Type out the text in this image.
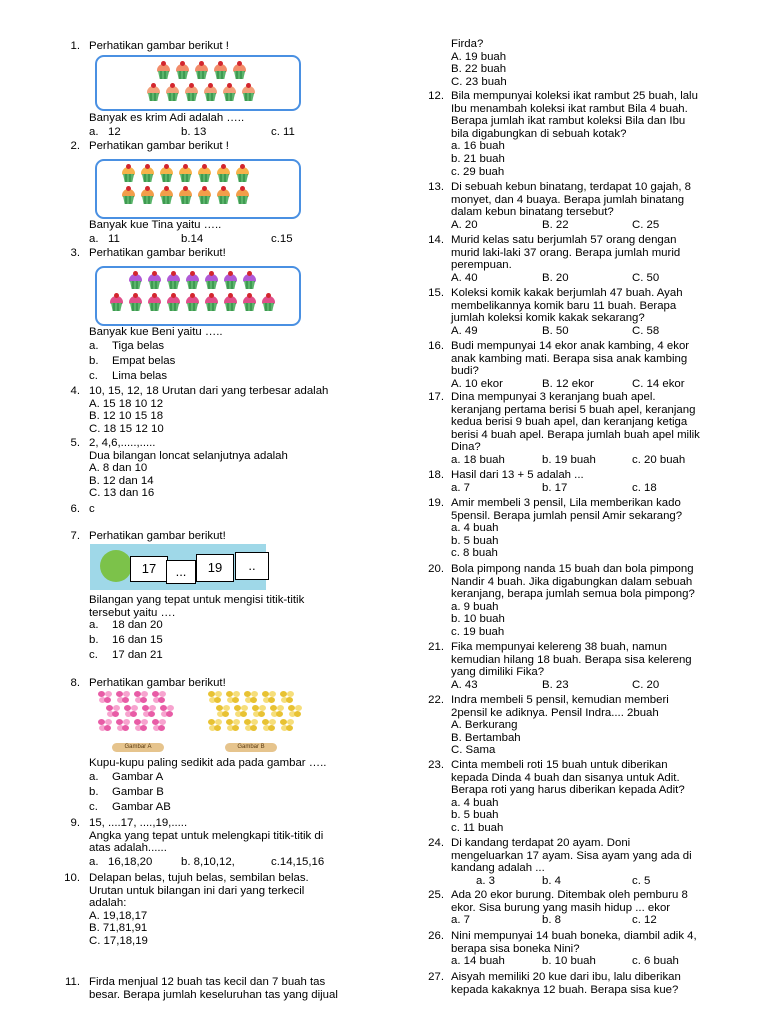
1. Perhatikan gambar berikut !
Banyak es krim Adi adalah …..
a.   12	b. 13	c. 11
2. Perhatikan gambar berikut !
Banyak kue Tina yaitu …..
a.   11	b.14	c.15
3. Perhatikan gambar berikut!
Banyak kue Beni yaitu …..
a. Tiga belas
b. Empat belas
c. Lima belas
4. 10, 15, 12, 18 Urutan dari yang terbesar adalah
A. 15 18 10 12
B. 12 10 15 18
C. 18 15 12 10
5. 2, 4,6,.....,.....
Dua bilangan loncat selanjutnya adalah
A. 8 dan 10
B. 12 dan 14
C. 13 dan 16
6. c
7. Perhatikan gambar berikut!
17	...	19	..
Bilangan yang tepat untuk mengisi titik-titik
tersebut yaitu ….
a. 18 dan 20
b. 16 dan 15
c. 17 dan 21
8. Perhatikan gambar berikut!
Gambar A	Gambar B
Kupu-kupu paling sedikit ada pada gambar …..
a. Gambar A
b. Gambar B
c. Gambar AB
9. 15, ....17, ....,19,.....
Angka yang tepat untuk melengkapi titik-titik di
atas adalah......
a.   16,18,20	b. 8,10,12,	c.14,15,16
10. Delapan belas, tujuh belas, sembilan belas.
Urutan untuk bilangan ini dari yang terkecil
adalah:
A. 19,18,17
B. 71,81,91
C. 17,18,19
11. Firda menjual 12 buah tas kecil dan 7 buah tas
besar. Berapa jumlah keseluruhan tas yang dijual
Firda?
A. 19 buah
B. 22 buah
C. 23 buah
12. Bila mempunyai koleksi ikat rambut 25 buah, lalu
Ibu menambah koleksi ikat rambut Bila 4 buah.
Berapa jumlah ikat rambut koleksi Bila dan Ibu
bila digabungkan di sebuah kotak?
a. 16 buah
b. 21 buah
c. 29 buah
13. Di sebuah kebun binatang, terdapat 10 gajah, 8
monyet, dan 4 buaya. Berapa jumlah binatang
dalam kebun binatang tersebut?
A. 20	B. 22	C. 25
14. Murid kelas satu berjumlah 57 orang dengan
murid laki-laki 37 orang. Berapa jumlah murid
perempuan.
A. 40	B. 20	C. 50
15. Koleksi komik kakak berjumlah 47 buah. Ayah
membelikannya komik baru 11 buah. Berapa
jumlah koleksi komik kakak sekarang?
A. 49	B. 50	C. 58
16. Budi mempunyai 14 ekor anak kambing, 4 ekor
anak kambing mati. Berapa sisa anak kambing
budi?
A. 10 ekor	B. 12 ekor	C. 14 ekor
17. Dina mempunyai 3 keranjang buah apel.
keranjang pertama berisi 5 buah apel, keranjang
kedua berisi 9 buah apel, dan keranjang ketiga
berisi 4 buah apel. Berapa jumlah buah apel milik
Dina?
a. 18 buah	b. 19 buah	c. 20 buah
18. Hasil dari 13 + 5 adalah ...
a. 7	b. 17	c. 18
19. Amir membeli 3 pensil, Lila memberikan kado
5pensil. Berapa jumlah pensil Amir sekarang?
a. 4 buah
b. 5 buah
c. 8 buah
20. Bola pimpong nanda 15 buah dan bola pimpong
Nandir 4 buah. Jika digabungkan dalam sebuah
keranjang, berapa jumlah semua bola pimpong?
a. 9 buah
b. 10 buah
c. 19 buah
21. Fika mempunyai kelereng 38 buah, namun
kemudian hilang 18 buah. Berapa sisa kelereng
yang dimiliki Fika?
A. 43	B. 23	C. 20
22. Indra membeli 5 pensil, kemudian memberi
2pensil ke adiknya. Pensil Indra.... 2buah
A. Berkurang
B. Bertambah
C. Sama
23. Cinta membeli roti 15 buah untuk diberikan
kepada Dinda 4 buah dan sisanya untuk Adit.
Berapa roti yang harus diberikan kepada Adit?
a. 4 buah
b. 5 buah
c. 11 buah
24. Di kandang terdapat 20 ayam. Doni
mengeluarkan 17 ayam. Sisa ayam yang ada di
kandang adalah ...
a. 3	b. 4	c. 5
25. Ada 20 ekor burung. Ditembak oleh pemburu 8
ekor. Sisa burung yang masih hidup ... ekor
a. 7	b. 8	c. 12
26. Nini mempunyai 14 buah boneka, diambil adik 4,
berapa sisa boneka Nini?
a. 14 buah	b. 10 buah	c. 6 buah
27. Aisyah memiliki 20 kue dari ibu, lalu diberikan
kepada kakaknya 12 buah. Berapa sisa kue?
